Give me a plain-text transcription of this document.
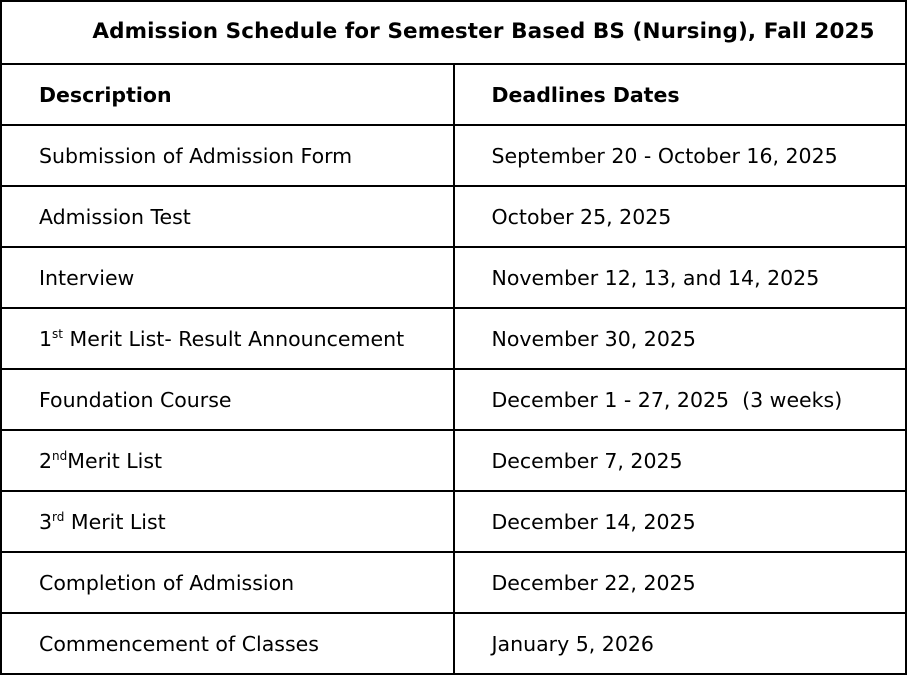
Admission Schedule for Semester Based BS (Nursing), Fall 2025	
Description	Deadlines Dates
Submission of Admission Form	September 20 - October 16, 2025
Admission Test	October 25, 2025
Interview	November 12, 13, and 14, 2025
1st Merit List- Result Announcement	November 30, 2025
Foundation Course	December 1 - 27, 2025  (3 weeks)
2ndMerit List	December 7, 2025
3rd Merit List	December 14, 2025
Completion of Admission	December 22, 2025
Commencement of Classes	January 5, 2026
